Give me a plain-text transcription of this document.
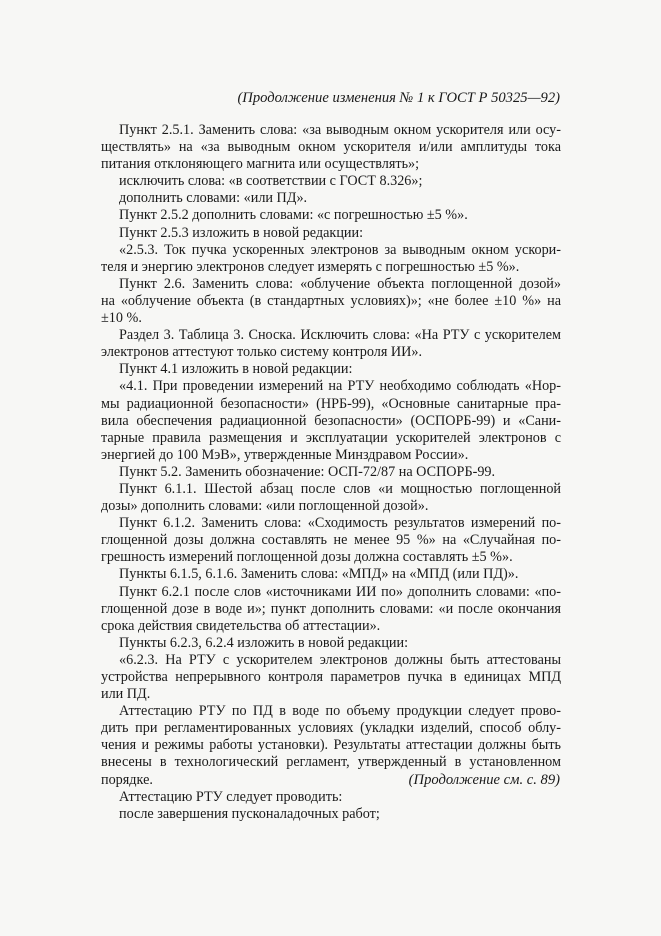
(Продолжение изменения № 1 к ГОСТ Р 50325—92)
Пункт 2.5.1. Заменить слова: «за выводным окном ускорителя или осу-
ществлять» на «за выводным окном ускорителя и/или амплитуды тока
питания отклоняющего магнита или осуществлять»;
исключить слова: «в соответствии с ГОСТ 8.326»;
дополнить словами: «или ПД».
Пункт 2.5.2 дополнить словами: «с погрешностью ±5 %».
Пункт 2.5.3 изложить в новой редакции:
«2.5.3. Ток пучка ускоренных электронов за выводным окном ускори-
теля и энергию электронов следует измерять с погрешностью ±5 %».
Пункт 2.6. Заменить слова: «облучение объекта поглощенной дозой»
на «облучение объекта (в стандартных условиях)»; «не более ±10 %» на
±10 %.
Раздел 3. Таблица 3. Сноска. Исключить слова: «На РТУ с ускорителем
электронов аттестуют только систему контроля ИИ».
Пункт 4.1 изложить в новой редакции:
«4.1. При проведении измерений на РТУ необходимо соблюдать «Нор-
мы радиационной безопасности» (НРБ-99), «Основные санитарные пра-
вила обеспечения радиационной безопасности» (ОСПОРБ-99) и «Сани-
тарные правила размещения и эксплуатации ускорителей электронов с
энергией до 100 МэВ», утвержденные Минздравом России».
Пункт 5.2. Заменить обозначение: ОСП-72/87 на ОСПОРБ-99.
Пункт 6.1.1. Шестой абзац после слов «и мощностью поглощенной
дозы» дополнить словами: «или поглощенной дозой».
Пункт 6.1.2. Заменить слова: «Сходимость результатов измерений по-
глощенной дозы должна составлять не менее 95 %» на «Случайная по-
грешность измерений поглощенной дозы должна составлять ±5 %».
Пункты 6.1.5, 6.1.6. Заменить слова: «МПД» на «МПД (или ПД)».
Пункт 6.2.1 после слов «источниками ИИ по» дополнить словами: «по-
глощенной дозе в воде и»; пункт дополнить словами: «и после окончания
срока действия свидетельства об аттестации».
Пункты 6.2.3, 6.2.4 изложить в новой редакции:
«6.2.3. На РТУ с ускорителем электронов должны быть аттестованы
устройства непрерывного контроля параметров пучка в единицах МПД
или ПД.
Аттестацию РТУ по ПД в воде по объему продукции следует прово-
дить при регламентированных условиях (укладки изделий, способ облу-
чения и режимы работы установки). Результаты аттестации должны быть
внесены в технологический регламент, утвержденный в установленном
порядке.
Аттестацию РТУ следует проводить:
после завершения пусконаладочных работ;
(Продолжение см. с. 89)
